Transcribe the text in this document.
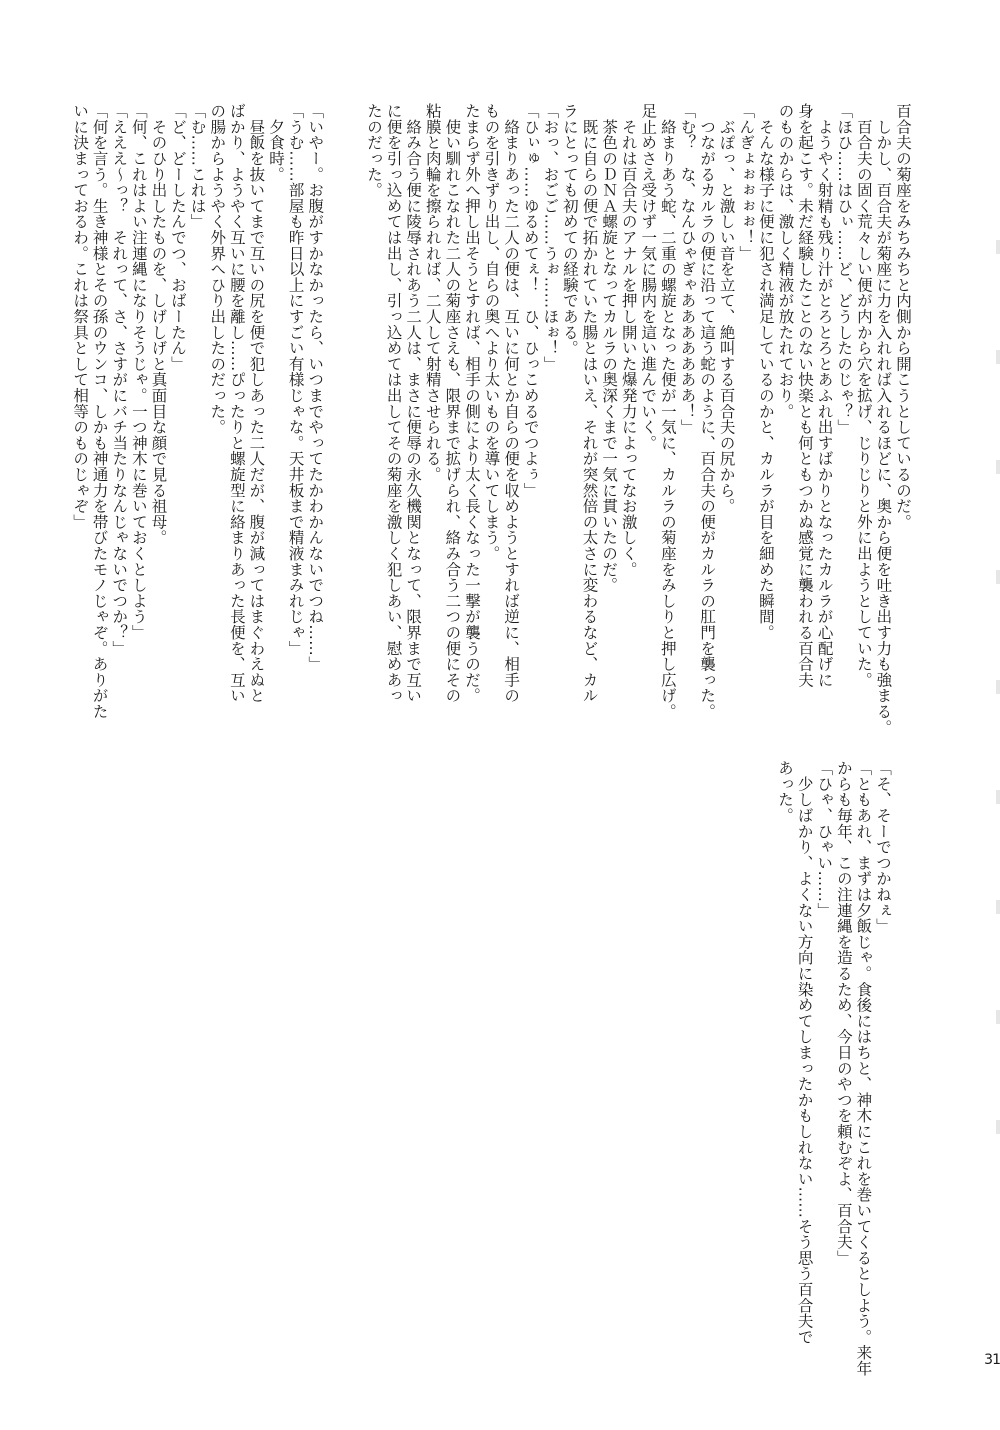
百合夫の菊座をみちみちと内側から開こうとしているのだ。

　しかし、百合夫が菊座に力を入れれば入れるほどに、奥から便を吐き出す力も強まる。

　百合夫の固く荒々しい便が内から穴を拡げ、じりじりと外に出ようとしていた。

「ほひ……はひぃ……ど、どうしたのじゃ？」

　ようやく射精も残り汁がとろとろとあふれ出すばかりとなったカルラが心配げに

身を起こす。未だ経験したことのない快楽とも何ともつかぬ感覚に襲われる百合夫

のものからは、激しく精液が放たれており。

　そんな様子に便に犯され満足しているのかと、カルラが目を細めた瞬間。

「んぎょぉぉぉぉ！」

　ぶぽっ、と激しい音を立て、絶叫する百合夫の尻から。

　つながるカルラの便に沿って這う蛇のように、百合夫の便がカルラの肛門を襲った。

「む？　な、なんひゃぎゃあああああああ！」

　絡まりあう蛇、二重の螺旋となった便が一気に、カルラの菊座をみしりと押し広げ。

足止めさえ受けず一気に腸内を這い進んでいく。

　それは百合夫のアナルを押し開いた爆発力によってなお激しく。

　茶色のＤＮＡ螺旋となってカルラの奥深くまで一気に貫いたのだ。

　既に自らの便で拓かれていた腸とはいえ、それが突然倍の太さに変わるなど、カル

ラにとっても初めての経験である。

「おっ、おごご……うぉ……ほぉ！」

「ひぃゅ……ゆるめてぇ！　ひ、ひっこめるでつよぅ」

　絡まりあった二人の便は、互いに何とか自らの便を収めようとすれば逆に、相手の

ものを引きずり出し、自らの奥へより太いものを導いてしまう。

たまらず外へ押し出そうとすれば、相手の側により太く長くなった一撃が襲うのだ。

　使い馴れこなれた二人の菊座さえも、限界まで拡げられ、絡み合う二つの便にその

粘膜と肉輪を擦られれば、二人して射精させられる。

　絡み合う便に陵辱されあう二人は、まさに便辱の永久機関となって、限界まで互い

に便を引っ込めては出し、引っ込めては出してその菊座を激しく犯しあい、慰めあっ

たのだった。

「いやー。お腹がすかなかったら、いつまでやってたかわかんないでつね……」

「うむ……部屋も昨日以上にすごい有様じゃな。天井板まで精液まみれじゃ」

　夕食時。

　昼飯を抜いてまで互いの尻を便で犯しあった二人だが、腹が減ってはまぐわえぬと

ばかり、ようやく互いに腰を離し……ぴったりと螺旋型に絡まりあった長便を、互い

の腸からようやく外界へひり出したのだった。

「む……これは」

「ど、どーしたんでつ、おばーたん」

　そのひり出したものを、しげしげと真面目な顔で見る祖母。

「何、これはよい注連縄になりそうじゃ。一つ神木に巻いておくとしよう」

「えええ～っ？　それって、さ、さすがにバチ当たりなんじゃないでつか？」

「何を言う。生き神様とその孫のウンコ、しかも神通力を帯びたモノじゃぞ。ありがた

いに決まっておるわ。これは祭具として相等のものじゃぞ」

「そ、そーでつかねぇ」

「ともあれ、まずは夕飯じゃ。食後にはちと、神木にこれを巻いてくるとしよう。来年

からも毎年、この注連縄を造るため、今日のやつを頼むぞよ、百合夫」

「ひゃ、ひゃい……」

　少しばかり、よくない方向に染めてしまったかもしれない……そう思う百合夫で

あった。

31
